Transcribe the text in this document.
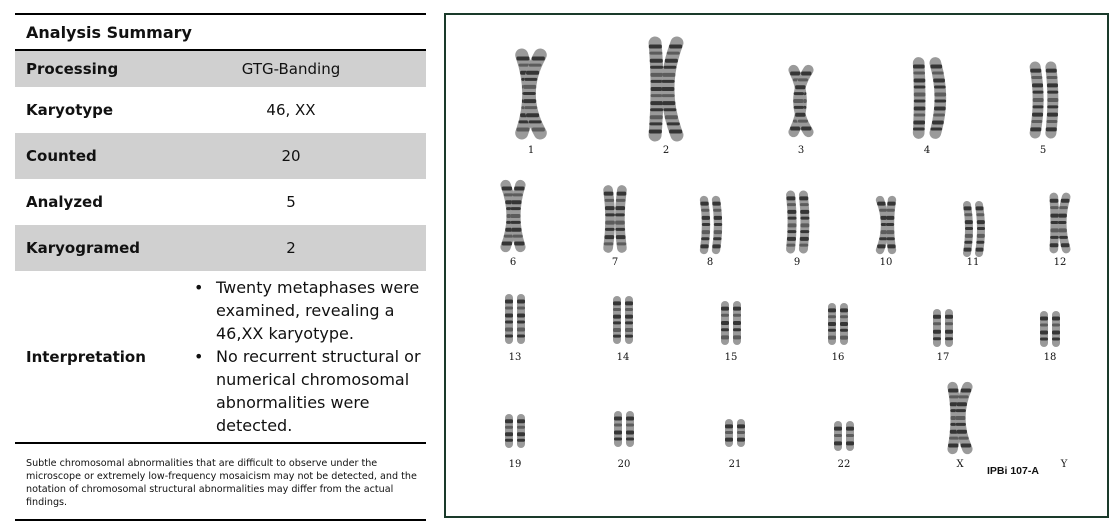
Analysis Summary
Processing	GTG-Banding
Karyotype	46, XX
Counted	20
Analyzed	5
Karyogramed	2
Interpretation
• Twenty metaphases were examined, revealing a 46,XX karyotype.
• No recurrent structural or numerical chromosomal abnormalities were detected.
Subtle chromosomal abnormalities that are difficult to observe under the microscope or extremely low-frequency mosaicism may not be detected, and the notation of chromosomal structural abnormalities may differ from the actual findings.
1	2	3	4	5
6	7	8	9	10	11	12
13	14	15	16	17	18
19	20	21	22	X	Y
IPBi 107-A
